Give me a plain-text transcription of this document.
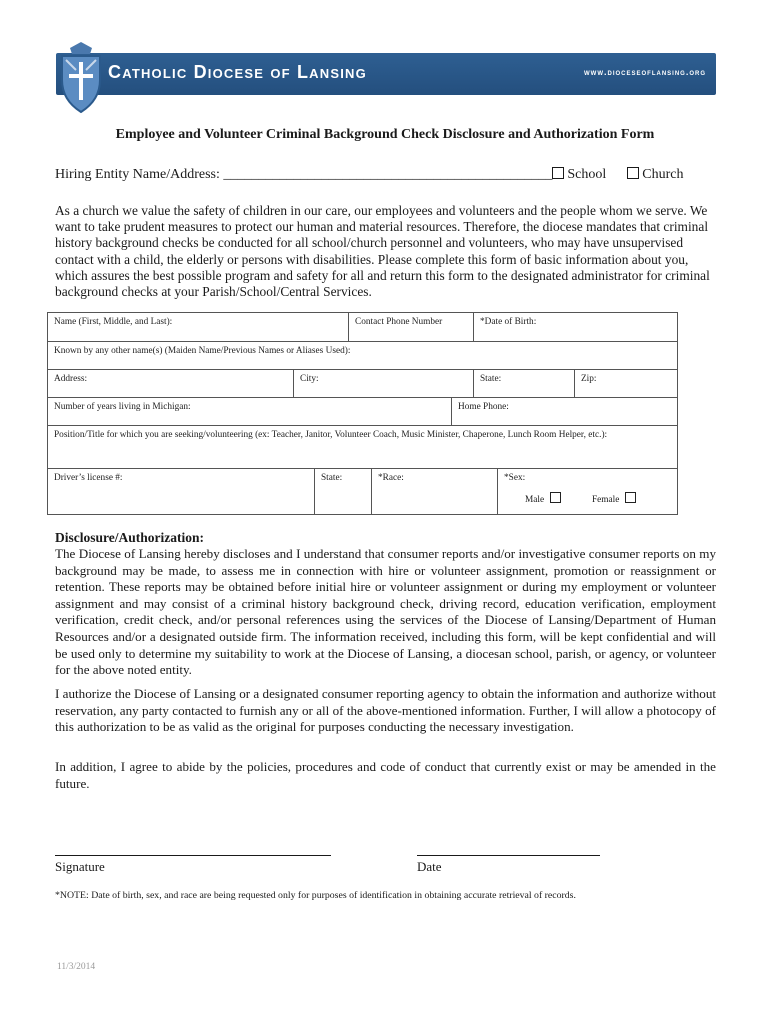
Catholic Diocese of Lansing	www.dioceseoflansing.org
Employee and Volunteer Criminal Background Check Disclosure and Authorization Form
Hiring Entity Name/Address: _______________________________________________ School	Church
As a church we value the safety of children in our care, our employees and volunteers and the people whom we serve. We want to take prudent measures to protect our human and material resources. Therefore, the diocese mandates that criminal history background checks be conducted for all school/church personnel and volunteers, who may have unsupervised contact with a child, the elderly or persons with disabilities. Please complete this form of basic information about you, which assures the best possible program and safety for all and return this form to the designated administrator for criminal background checks at your Parish/School/Central Services.
Name (First, Middle, and Last):	Contact Phone Number	*Date of Birth:
Known by any other name(s) (Maiden Name/Previous Names or Aliases Used):
Address:	City:	State:	Zip:
Number of years living in Michigan:	Home Phone:
Position/Title for which you are seeking/volunteering (ex: Teacher, Janitor, Volunteer Coach, Music Minister, Chaperone, Lunch Room Helper, etc.):
Driver’s license #:	State:	*Race:	*Sex:
Male	Female
Disclosure/Authorization:
The Diocese of Lansing hereby discloses and I understand that consumer reports and/or investigative consumer reports on my background may be made, to assess me in connection with hire or volunteer assignment, promotion or reassignment or retention. These reports may be obtained before initial hire or volunteer assignment or during my employment or volunteer assignment and may consist of a criminal history background check, driving record, education verification, employment verification, credit check, and/or personal references using the services of the Diocese of Lansing/Department of Human Resources and/or a designated outside firm. The information received, including this form, will be kept confidential and will be used only to determine my suitability to work at the Diocese of Lansing, a diocesan school, parish, or agency, or volunteer for the above noted entity.
I authorize the Diocese of Lansing or a designated consumer reporting agency to obtain the information and authorize without reservation, any party contacted to furnish any or all of the above-mentioned information. Further, I will allow a photocopy of this authorization to be as valid as the original for purposes conducting the necessary investigation.
In addition, I agree to abide by the policies, procedures and code of conduct that currently exist or may be amended in the future.
Signature	Date
*NOTE: Date of birth, sex, and race are being requested only for purposes of identification in obtaining accurate retrieval of records.
11/3/2014
